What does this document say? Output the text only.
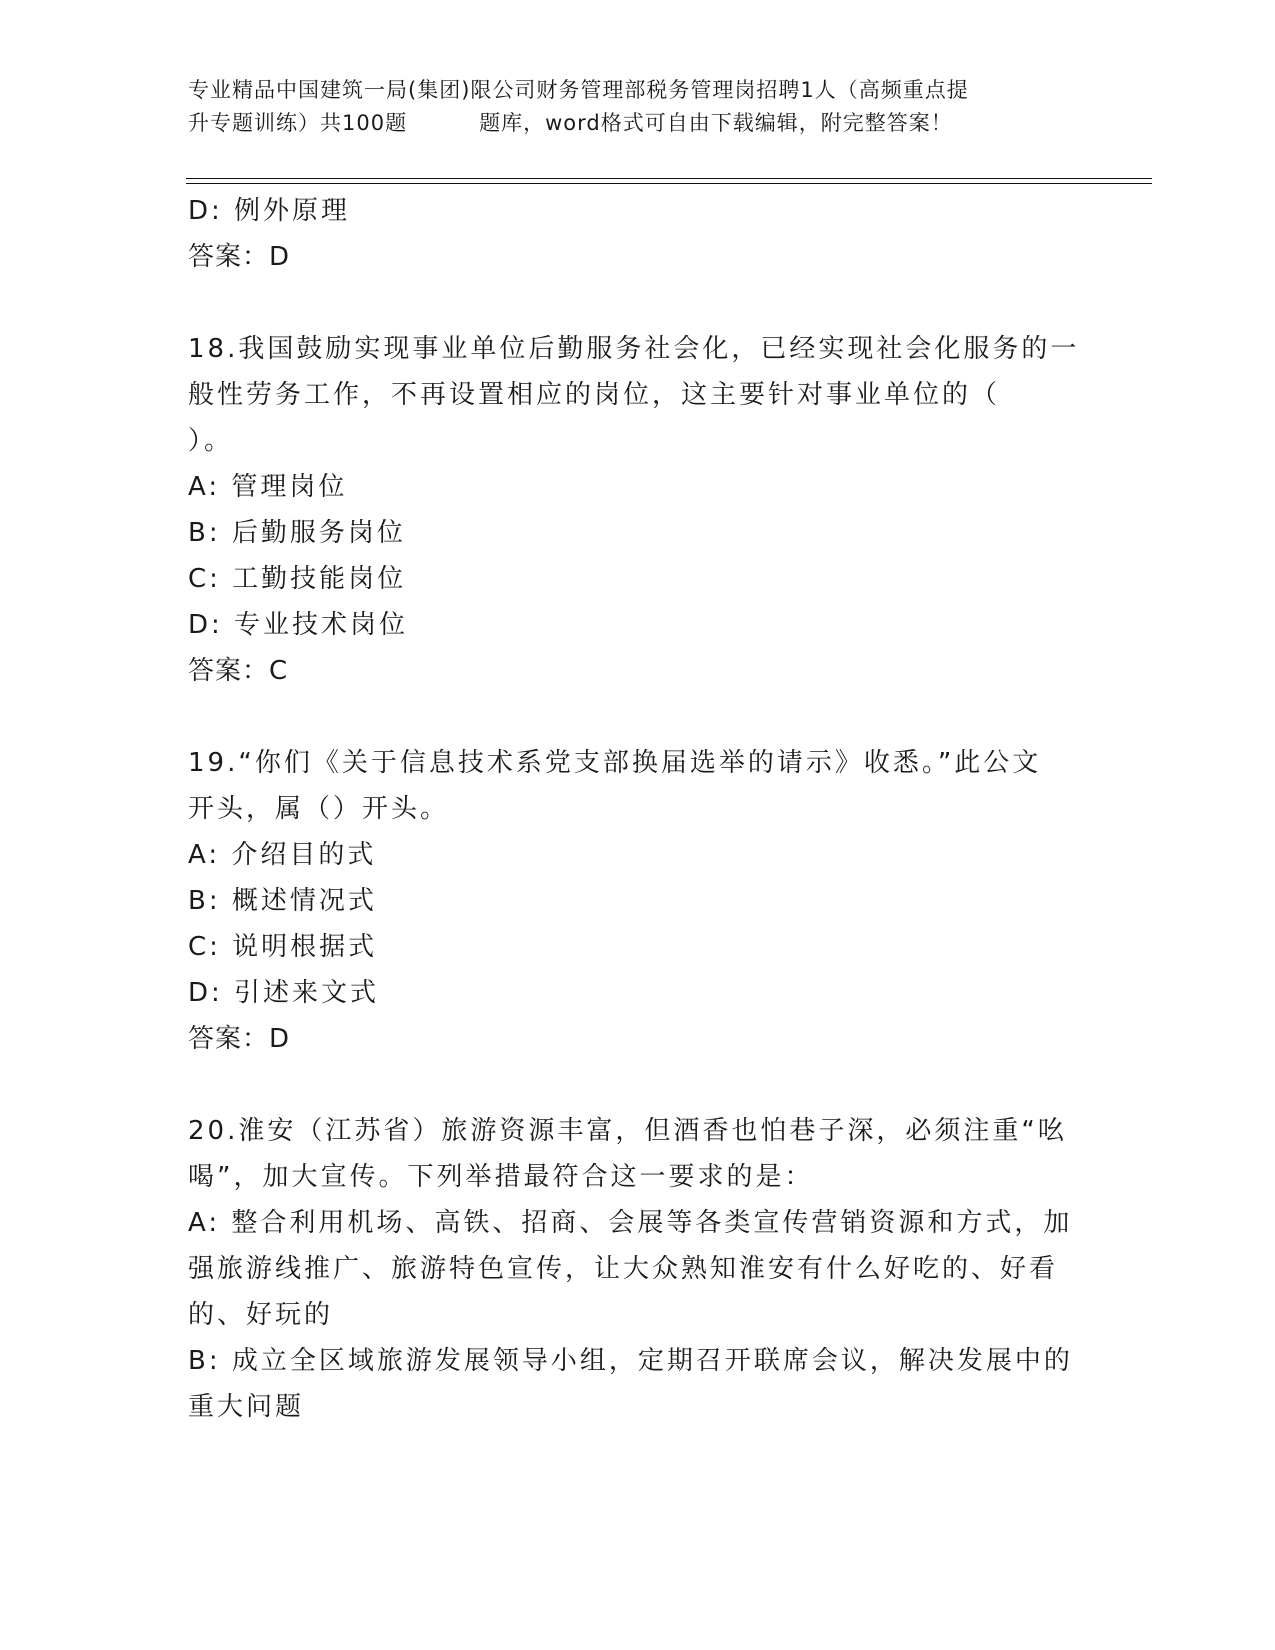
专业精品中国建筑一局(集团)限公司财务管理部税务管理岗招聘1人（高频重点提
升专题训练）共100题	题库，word格式可自由下载编辑，附完整答案！
D: 例外原理
答案：D
18.我国鼓励实现事业单位后勤服务社会化，已经实现社会化服务的一
般性劳务工作，不再设置相应的岗位，这主要针对事业单位的（
）。
A: 管理岗位
B: 后勤服务岗位
C: 工勤技能岗位
D: 专业技术岗位
答案：C
19.“你们《关于信息技术系党支部换届选举的请示》收悉。”此公文
开头，属（）开头。
A: 介绍目的式
B: 概述情况式
C: 说明根据式
D: 引述来文式
答案：D
20.淮安（江苏省）旅游资源丰富，但酒香也怕巷子深，必须注重“吆
喝”，加大宣传。下列举措最符合这一要求的是：
A: 整合利用机场、高铁、招商、会展等各类宣传营销资源和方式，加
强旅游线推广、旅游特色宣传，让大众熟知淮安有什么好吃的、好看
的、好玩的
B: 成立全区域旅游发展领导小组，定期召开联席会议，解决发展中的
重大问题
